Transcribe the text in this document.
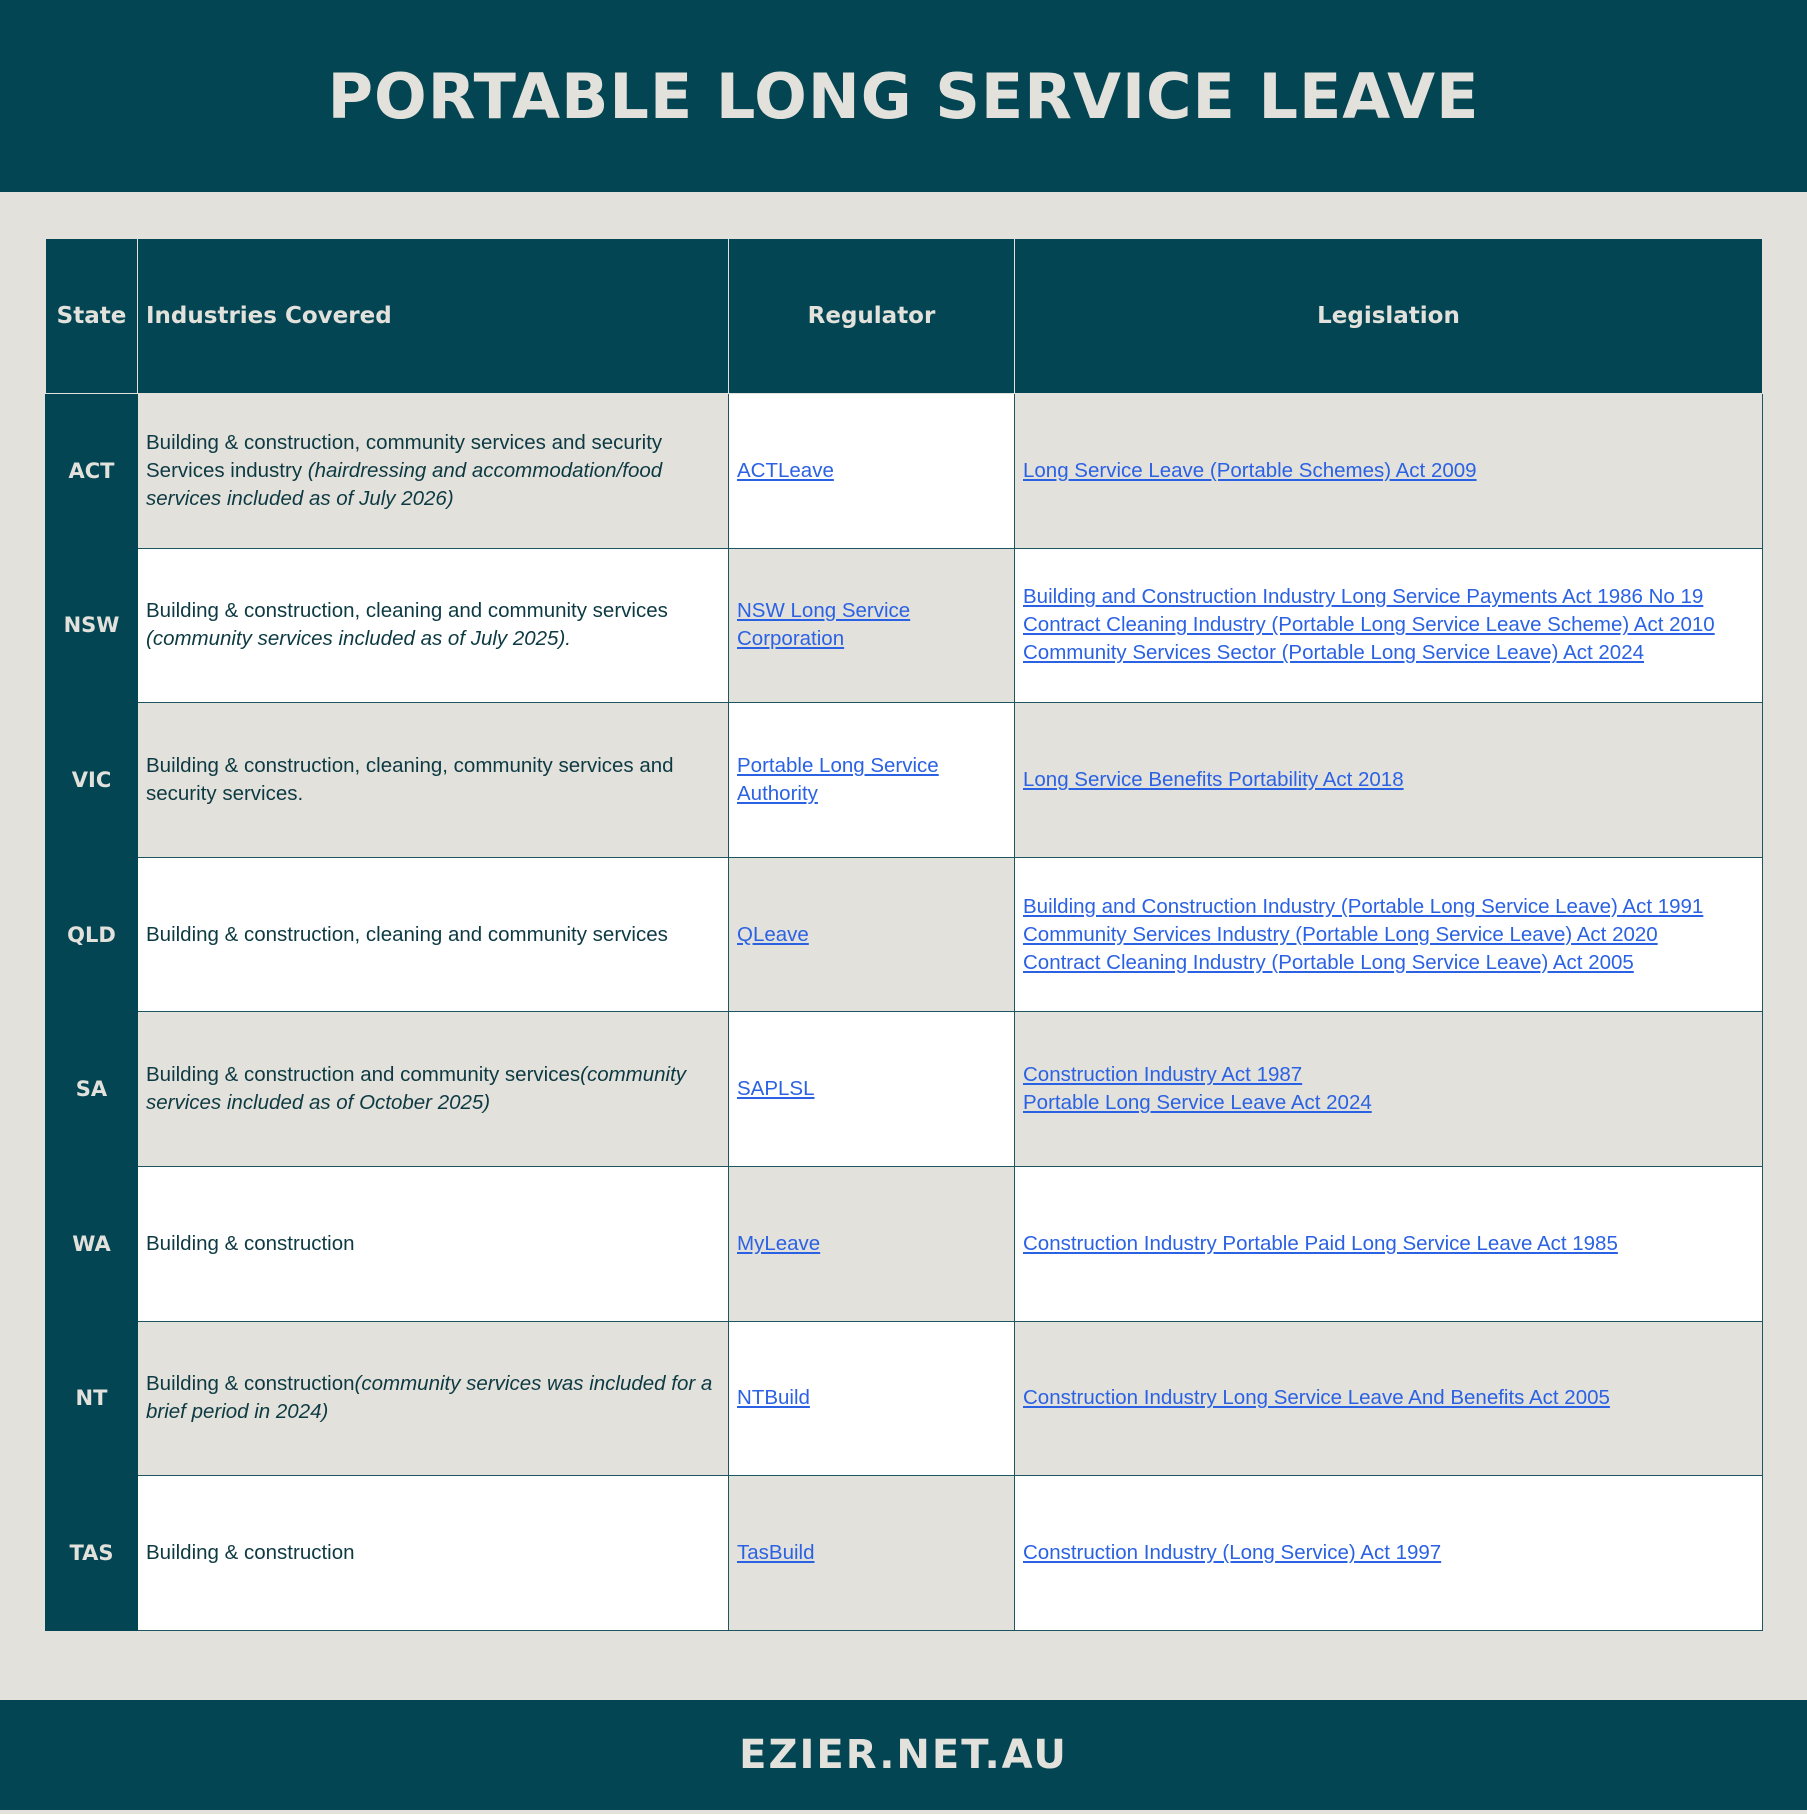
PORTABLE LONG SERVICE LEAVE
State	Industries Covered	Regulator	Legislation
ACT	Building & construction, community services and security Services industry (hairdressing and accommodation/food services included as of July 2026)	ACTLeave	Long Service Leave (Portable Schemes) Act 2009

NSW	Building & construction, cleaning and community services (community services included as of July 2025).	NSW Long Service Corporation	Building and Construction Industry Long Service Payments Act 1986 No 19
Contract Cleaning Industry (Portable Long Service Leave Scheme) Act 2010
Community Services Sector (Portable Long Service Leave) Act 2024

VIC	Building & construction, cleaning, community services and security services.	Portable Long Service Authority	Long Service Benefits Portability Act 2018

QLD	Building & construction, cleaning and community services	QLeave	Building and Construction Industry (Portable Long Service Leave) Act 1991
Community Services Industry (Portable Long Service Leave) Act 2020
Contract Cleaning Industry (Portable Long Service Leave) Act 2005

SA	Building & construction and community services(community services included as of October 2025)	SAPLSL	Construction Industry Act 1987
Portable Long Service Leave Act 2024

WA	Building & construction	MyLeave	Construction Industry Portable Paid Long Service Leave Act 1985

NT	Building & construction(community services was included for a brief period in 2024)	NTBuild	Construction Industry Long Service Leave And Benefits Act 2005

TAS	Building & construction	TasBuild	Construction Industry (Long Service) Act 1997
EZIER.NET.AU
